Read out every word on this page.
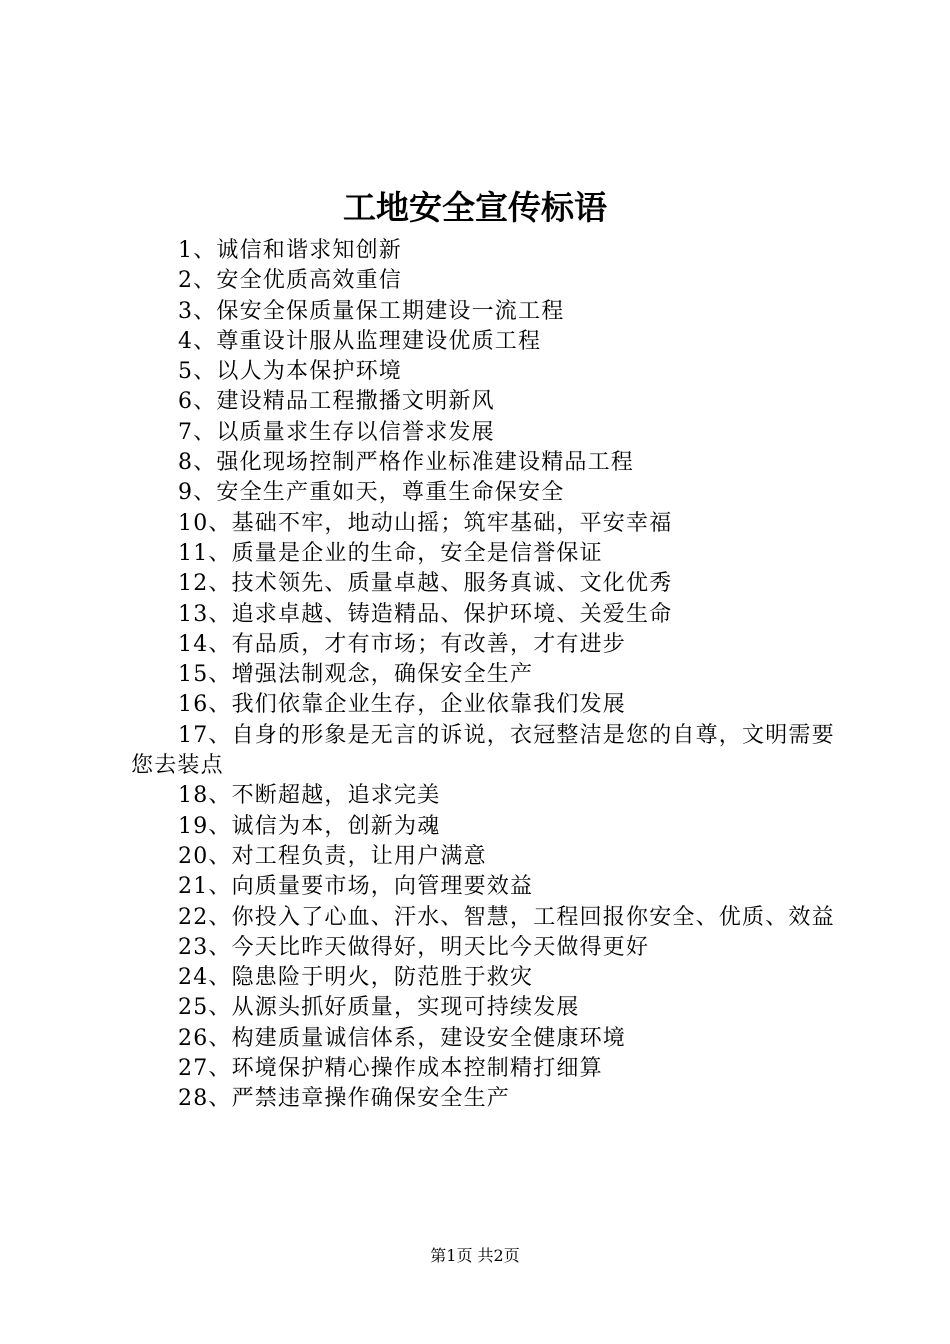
工地安全宣传标语
1、诚信和谐求知创新
2、安全优质高效重信
3、保安全保质量保工期建设一流工程
4、尊重设计服从监理建设优质工程
5、以人为本保护环境
6、建设精品工程撒播文明新风
7、以质量求生存以信誉求发展
8、强化现场控制严格作业标准建设精品工程
9、安全生产重如天，尊重生命保安全
10、基础不牢，地动山摇；筑牢基础，平安幸福
11、质量是企业的生命，安全是信誉保证
12、技术领先、质量卓越、服务真诚、文化优秀
13、追求卓越、铸造精品、保护环境、关爱生命
14、有品质，才有市场；有改善，才有进步
15、增强法制观念，确保安全生产
16、我们依靠企业生存，企业依靠我们发展
17、自身的形象是无言的诉说，衣冠整洁是您的自尊，文明需要您去装点
18、不断超越，追求完美
19、诚信为本，创新为魂
20、对工程负责，让用户满意
21、向质量要市场，向管理要效益
22、你投入了心血、汗水、智慧，工程回报你安全、优质、效益
23、今天比昨天做得好，明天比今天做得更好
24、隐患险于明火，防范胜于救灾
25、从源头抓好质量，实现可持续发展
26、构建质量诚信体系，建设安全健康环境
27、环境保护精心操作成本控制精打细算
28、严禁违章操作确保安全生产
第1页 共2页
